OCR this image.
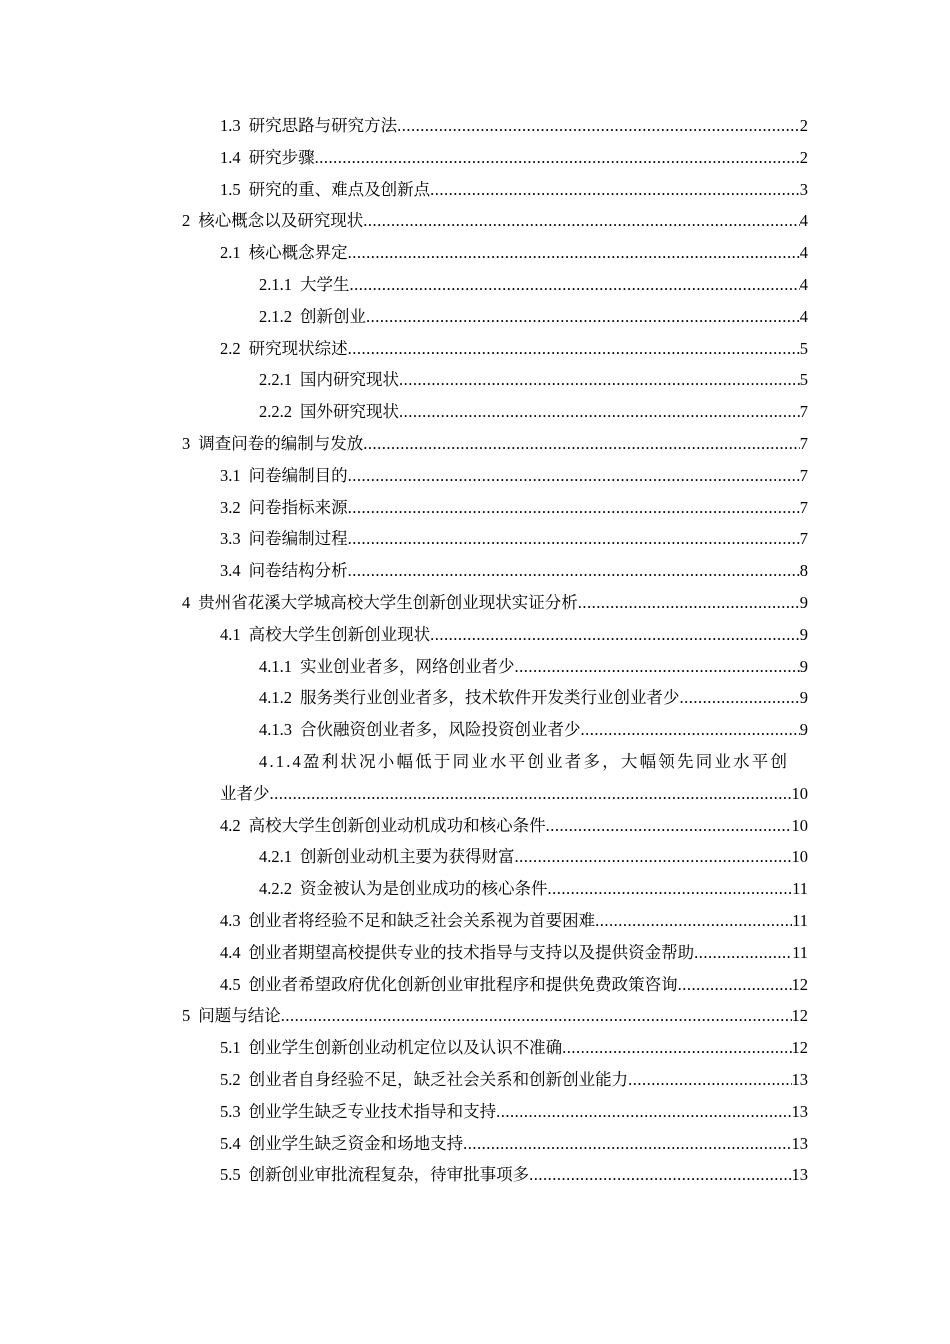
1.3 研究思路与研究方法 .....	2
1.4 研究步骤 .....	2
1.5 研究的重、难点及创新点 .....	3
2 核心概念以及研究现状 .....	4
2.1 核心概念界定 .....	4
2.1.1 大学生 .....	4
2.1.2 创新创业 .....	4
2.2 研究现状综述 .....	5
2.2.1 国内研究现状 .....	5
2.2.2 国外研究现状 .....	7
3 调查问卷的编制与发放 .....	7
3.1 问卷编制目的 .....	7
3.2 问卷指标来源 .....	7
3.3 问卷编制过程 .....	7
3.4 问卷结构分析 .....	8
4 贵州省花溪大学城高校大学生创新创业现状实证分析 .....	9
4.1 高校大学生创新创业现状 .....	9
4.1.1 实业创业者多，网络创业者少 .....	9
4.1.2 服务类行业创业者多，技术软件开发类行业创业者少 .....	9
4.1.3 合伙融资创业者多，风险投资创业者少 .....	9
4.1.4 盈利状况小幅低于同业水平创业者多，大幅领先同业水平创
业者少 .....	10
4.2 高校大学生创新创业动机成功和核心条件 .....	10
4.2.1 创新创业动机主要为获得财富 .....	10
4.2.2 资金被认为是创业成功的核心条件 .....	11
4.3 创业者将经验不足和缺乏社会关系视为首要困难 .....	11
4.4 创业者期望高校提供专业的技术指导与支持以及提供资金帮助 .....	11
4.5 创业者希望政府优化创新创业审批程序和提供免费政策咨询 .....	12
5 问题与结论 .....	12
5.1 创业学生创新创业动机定位以及认识不准确 .....	12
5.2 创业者自身经验不足，缺乏社会关系和创新创业能力 .....	13
5.3 创业学生缺乏专业技术指导和支持 .....	13
5.4 创业学生缺乏资金和场地支持 .....	13
5.5 创新创业审批流程复杂，待审批事项多 .....	13
